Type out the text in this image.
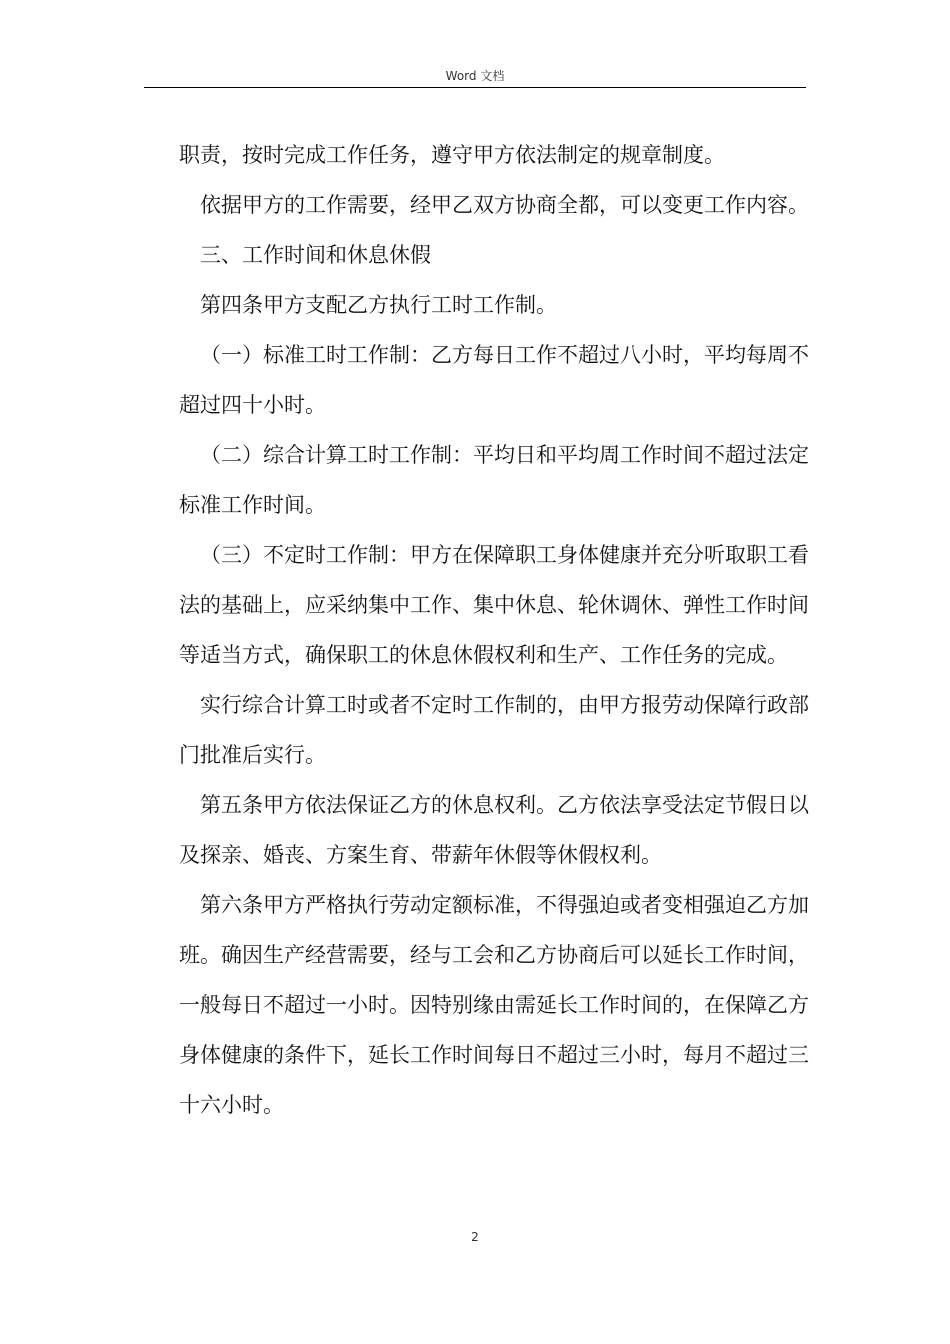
Word 文档

职责，按时完成工作任务，遵守甲方依法制定的规章制度。

依据甲方的工作需要，经甲乙双方协商全都，可以变更工作内容。

三、工作时间和休息休假

第四条甲方支配乙方执行工时工作制。

（一）标准工时工作制：乙方每日工作不超过八小时，平均每周不超过四十小时。

（二）综合计算工时工作制：平均日和平均周工作时间不超过法定标准工作时间。

（三）不定时工作制：甲方在保障职工身体健康并充分听取职工看法的基础上，应采纳集中工作、集中休息、轮休调休、弹性工作时间等适当方式，确保职工的休息休假权利和生产、工作任务的完成。

实行综合计算工时或者不定时工作制的，由甲方报劳动保障行政部门批准后实行。

第五条甲方依法保证乙方的休息权利。乙方依法享受法定节假日以及探亲、婚丧、方案生育、带薪年休假等休假权利。

第六条甲方严格执行劳动定额标准，不得强迫或者变相强迫乙方加班。确因生产经营需要，经与工会和乙方协商后可以延长工作时间，一般每日不超过一小时。因特别缘由需延长工作时间的，在保障乙方身体健康的条件下，延长工作时间每日不超过三小时，每月不超过三十六小时。

2
